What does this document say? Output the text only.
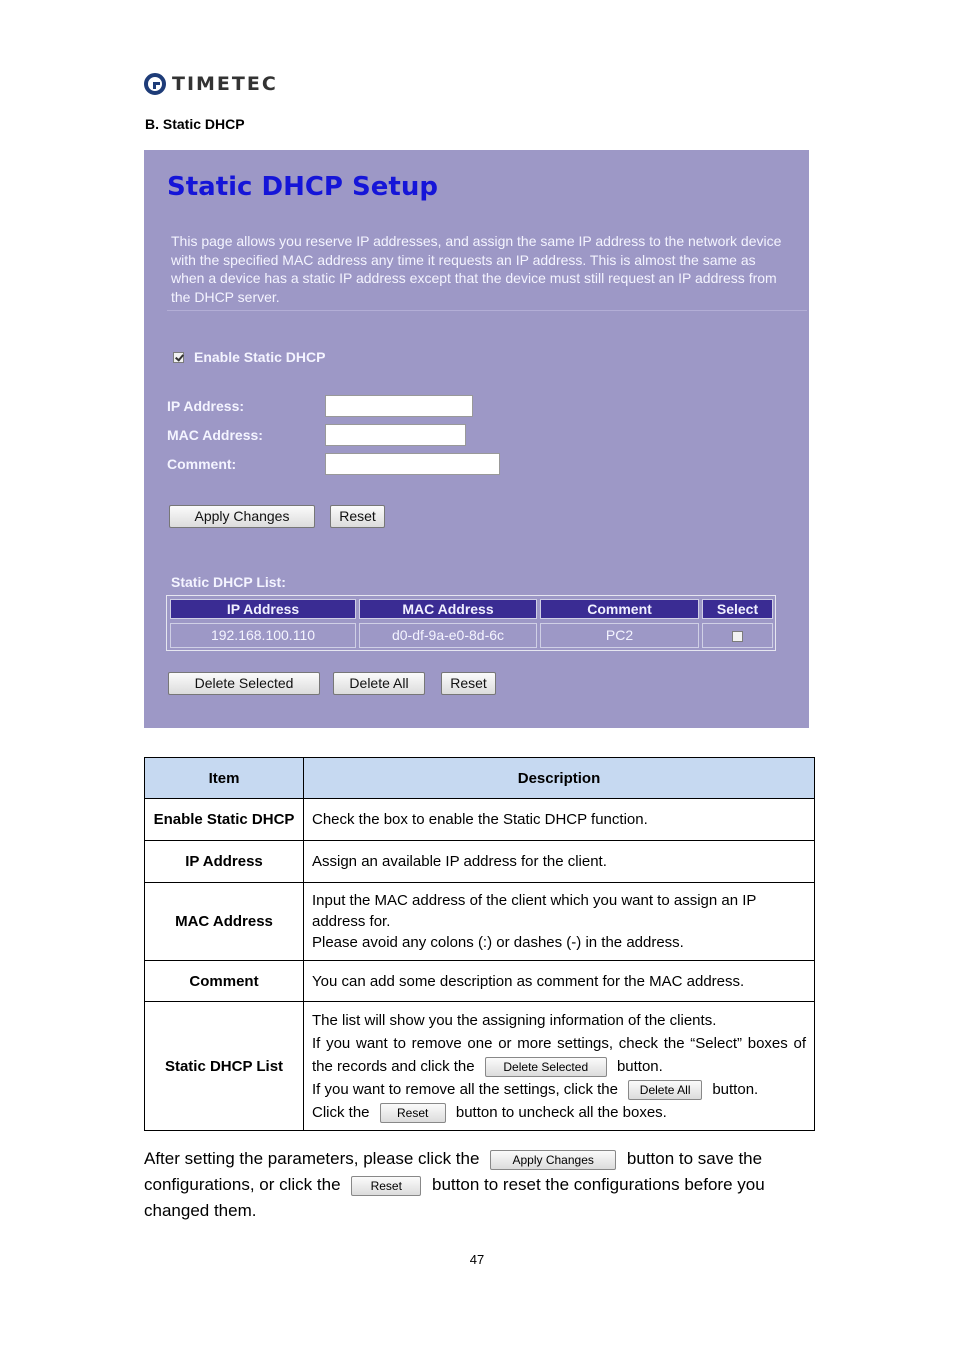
TIMETEC
B. Static DHCP
Static DHCP Setup
This page allows you reserve IP addresses, and assign the same IP address to the network device with the specified MAC address any time it requests an IP address. This is almost the same as when a device has a static IP address except that the device must still request an IP address from the DHCP server.
Enable Static DHCP
IP Address:
MAC Address:
Comment:
Apply Changes	Reset
Static DHCP List:
IP Address	MAC Address	Comment	Select
192.168.100.110	d0-df-9a-e0-8d-6c	PC2
Delete Selected	Delete All	Reset
Item	Description
Enable Static DHCP	Check the box to enable the Static DHCP function.
IP Address	Assign an available IP address for the client.
MAC Address	Input the MAC address of the client which you want to assign an IP address for.
Please avoid any colons (:) or dashes (-) in the address.

Comment	You can add some description as comment for the MAC address.
Static DHCP List	The list will show you the assigning information of the clients.
If you want to remove one or more settings, check the “Select” boxes of the records and click the Delete Selected button.
If you want to remove all the settings, click the Delete All button.
Click the Reset button to uncheck all the boxes.
After setting the parameters, please click the	Apply Changes button to save the configurations, or click the	Reset button to reset the configurations before you changed them.
47
